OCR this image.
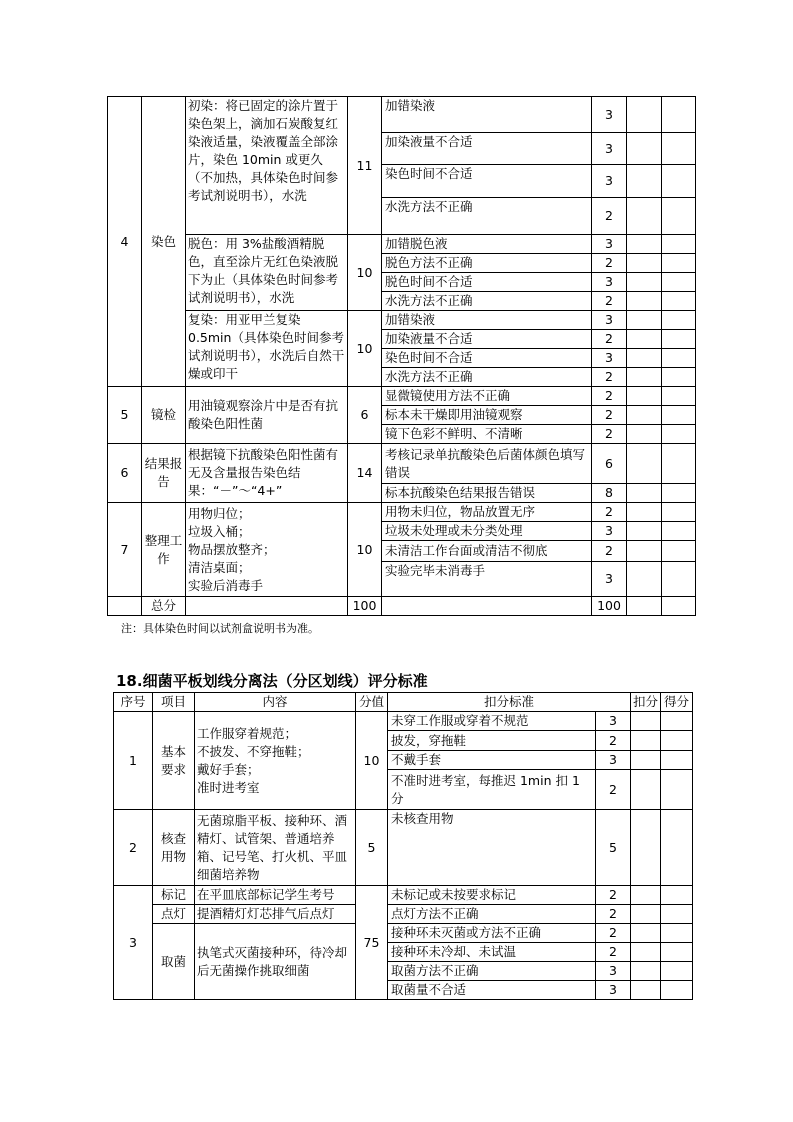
4	染色	初染：将已固定的涂片置于染色架上，滴加石炭酸复红染液适量，染液覆盖全部涂片，染色 10min 或更久（不加热，具体染色时间参考试剂说明书），水洗	11	加错染液	3		
				加染液量不合适	3		
				染色时间不合适	3		
				水洗方法不正确	2		
		脱色：用 3%盐酸酒精脱色，直至涂片无红色染液脱下为止（具体染色时间参考试剂说明书），水洗	10	加错脱色液	3		
				脱色方法不正确	2		
				脱色时间不合适	3		
				水洗方法不正确	2		
		复染：用亚甲兰复染 0.5min（具体染色时间参考试剂说明书），水洗后自然干燥或印干	10	加错染液	3		
				加染液量不合适	2		
				染色时间不合适	3		
				水洗方法不正确	2		
5	镜检	用油镜观察涂片中是否有抗酸染色阳性菌	6	显微镜使用方法不正确	2		
				标本未干燥即用油镜观察	2		
				镜下色彩不鲜明、不清晰	2		
6	结果报告	根据镜下抗酸染色阳性菌有无及含量报告染色结果：“－”～“4+”	14	考核记录单抗酸染色后菌体颜色填写错误	6		
				标本抗酸染色结果报告错误	8		
7	整理工作	用物归位；
垃圾入桶；
物品摆放整齐；
清洁桌面；
实验后消毒手	10	用物未归位，物品放置无序	2		
				垃圾未处理或未分类处理	3		
				未清洁工作台面或清洁不彻底	2		
				实验完毕未消毒手	3		
	总分		100		100		
注：具体染色时间以试剂盒说明书为准。
18.细菌平板划线分离法（分区划线）评分标准
序号	项目	内容	分值	扣分标准		扣分	得分
1	基本要求	工作服穿着规范；
不披发、不穿拖鞋；
戴好手套；
准时进考室	10	未穿工作服或穿着不规范	3		
				披发，穿拖鞋	2		
				不戴手套	3		
				不准时进考室，每推迟 1min 扣 1 分	2		
2	核查用物	无菌琼脂平板、接种环、酒精灯、试管架、普通培养箱、记号笔、打火机、平皿细菌培养物	5	未核查用物	5		
3	标记	在平皿底部标记学生考号	75	未标记或未按要求标记	2		
	点灯	提酒精灯灯芯排气后点灯		点灯方法不正确	2		
	取菌	执笔式灭菌接种环，待冷却后无菌操作挑取细菌		接种环未灭菌或方法不正确	2		
				接种环未冷却、未试温	2		
				取菌方法不正确	3		
				取菌量不合适	3		
